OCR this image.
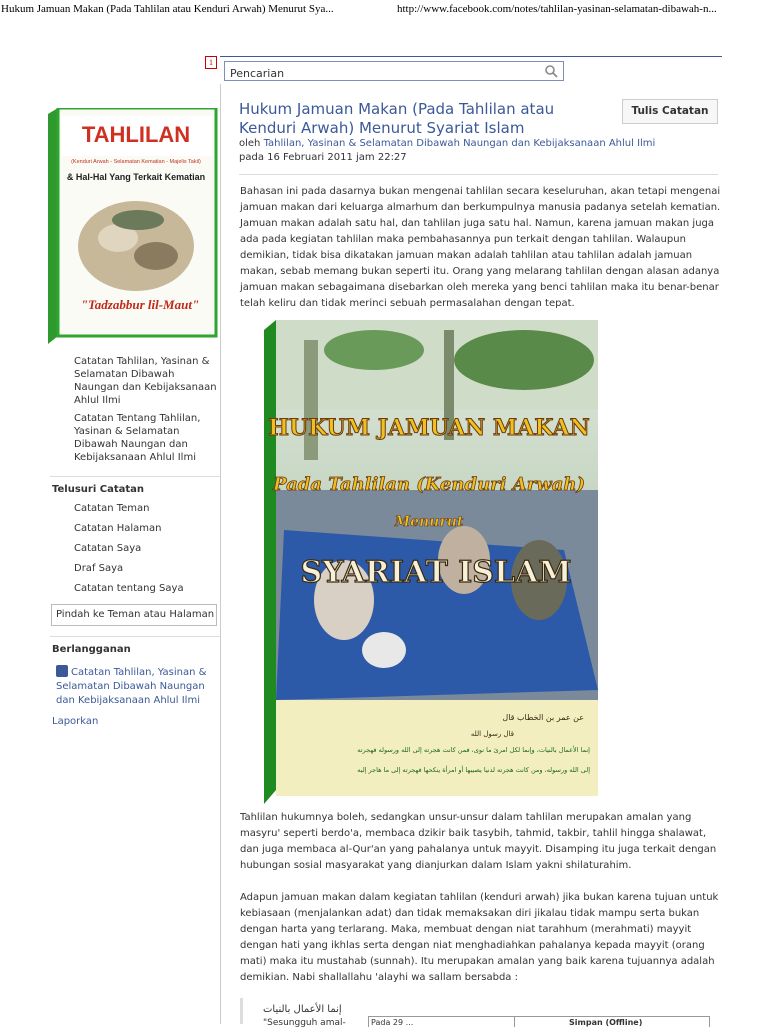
Hukum Jamuan Makan (Pada Tahlilan atau Kenduri Arwah) Menurut Sya...	http://www.facebook.com/notes/tahlilan-yasinan-selamatan-dibawah-n...
1
Pencarian
TAHLILAN
(Kenduri Arwah - Selamatan Kematian - Majelis Takil)
& Hal-Hal Yang Terkait Kematian
"Tadzabbur lil-Maut"
Catatan Tahlilan, Yasinan & Selamatan Dibawah Naungan dan Kebijaksanaan Ahlul Ilmi
Catatan Tentang Tahlilan, Yasinan & Selamatan Dibawah Naungan dan Kebijaksanaan Ahlul Ilmi
Telusuri Catatan
Catatan Teman
Catatan Halaman
Catatan Saya
Draf Saya
Catatan tentang Saya
Pindah ke Teman atau Halaman
Berlangganan
Catatan Tahlilan, Yasinan & Selamatan Dibawah Naungan dan Kebijaksanaan Ahlul Ilmi
Laporkan
Hukum Jamuan Makan (Pada Tahlilan atau Kenduri Arwah) Menurut Syariat Islam
Tulis Catatan
oleh Tahlilan, Yasinan & Selamatan Dibawah Naungan dan Kebijaksanaan Ahlul Ilmi pada 16 Februari 2011 jam 22:27
Bahasan ini pada dasarnya bukan mengenai tahlilan secara keseluruhan, akan tetapi mengenai jamuan makan dari keluarga almarhum dan berkumpulnya manusia padanya setelah kematian. Jamuan makan adalah satu hal, dan tahlilan juga satu hal. Namun, karena jamuan makan juga ada pada kegiatan tahlilan maka pembahasannya pun terkait dengan tahlilan. Walaupun demikian, tidak bisa dikatakan jamuan makan adalah tahlilan atau tahlilan adalah jamuan makan, sebab memang bukan seperti itu. Orang yang melarang tahlilan dengan alasan adanya jamuan makan sebagaimana disebarkan oleh mereka yang benci tahlilan maka itu benar-benar telah keliru dan tidak merinci sebuah permasalahan dengan tepat.
HUKUM JAMUAN MAKAN
Pada Tahlilan (Kenduri Arwah)
Menurut
SYARIAT ISLAM
عن عمر بن الخطاب قال
قال رسول الله
إنما الأعمال بالنيات، وإنما لكل امرئ ما نوى، فمن كانت هجرته إلى الله ورسوله فهجرته
إلى الله ورسوله، ومن كانت هجرته لدنيا يصيبها أو امرأة ينكحها فهجرته إلى ما هاجر إليه
Tahlilan hukumnya boleh, sedangkan unsur-unsur dalam tahlilan merupakan amalan yang masyru' seperti berdo'a, membaca dzikir baik tasybih, tahmid, takbir, tahlil hingga shalawat, dan juga membaca al-Qur'an yang pahalanya untuk mayyit. Disamping itu juga terkait dengan hubungan sosial masyarakat yang dianjurkan dalam Islam yakni shilaturahim.
Adapun jamuan makan dalam kegiatan tahlilan (kenduri arwah) jika bukan karena tujuan untuk kebiasaan (menjalankan adat) dan tidak memaksakan diri jikalau tidak mampu serta bukan dengan harta yang terlarang. Maka, membuat dengan niat tarahhum (merahmati) mayyit dengan hati yang ikhlas serta dengan niat menghadiahkan pahalanya kepada mayyit (orang mati) maka itu mustahab (sunnah). Itu merupakan amalan yang baik karena tujuannya adalah demikian. Nabi shallallahu 'alayhi wa sallam bersabda :
إنما الأعمال بالنيات
"Sesungguh amal-	Pada 29 ...	Simpan (Offline)
